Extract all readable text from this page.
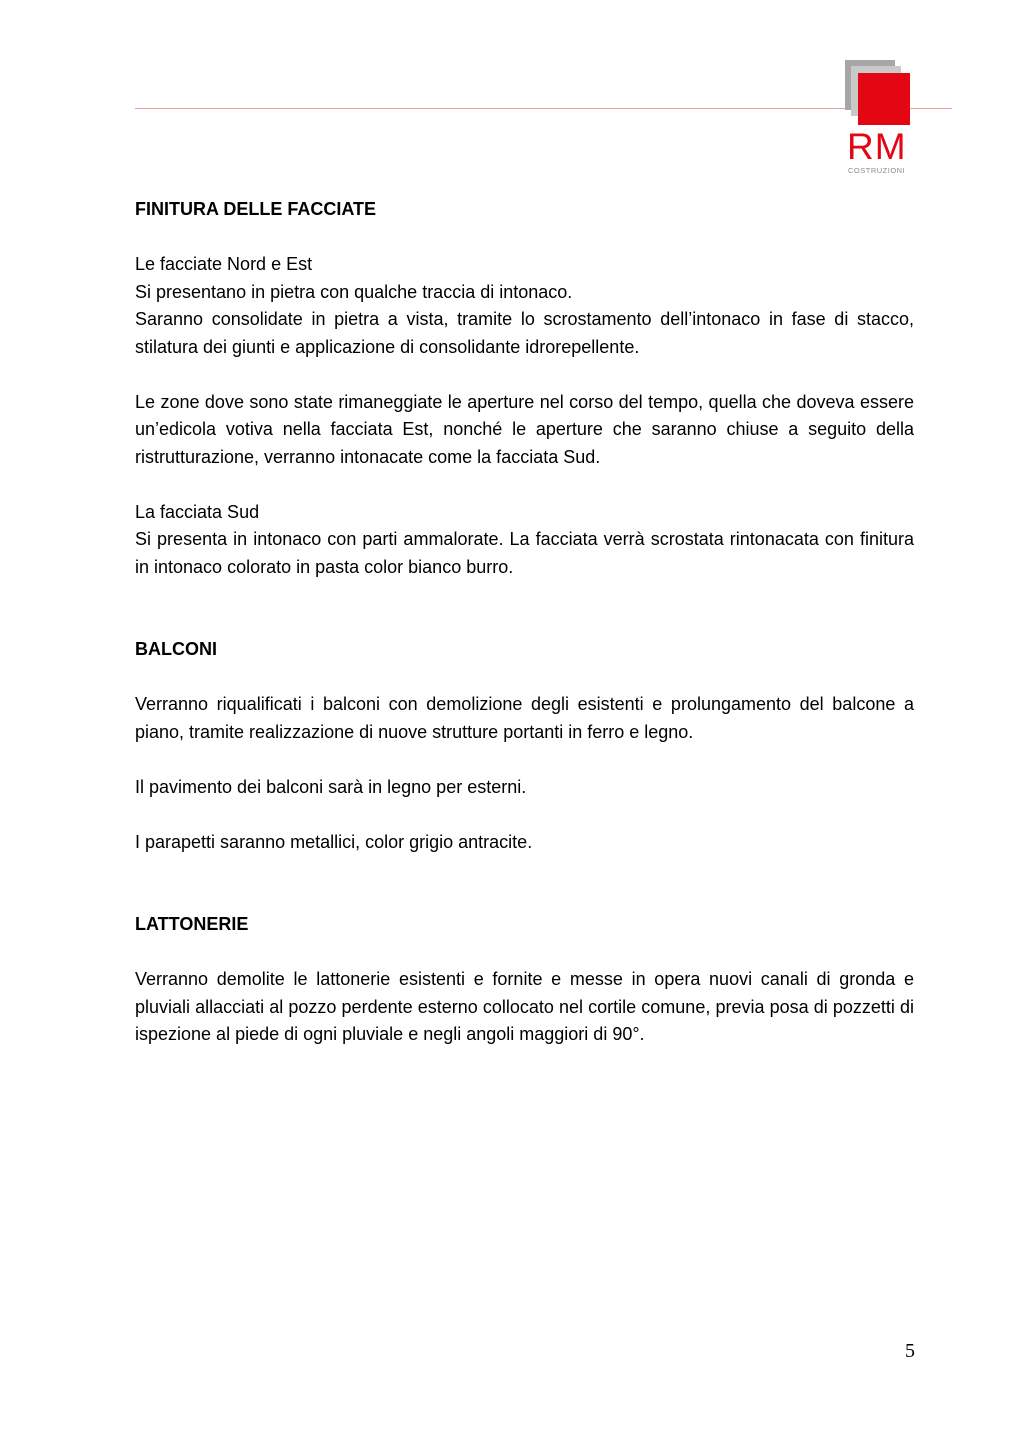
RM
COSTRUZIONI

FINITURA DELLE FACCIATE

Le facciate Nord e Est

Si presentano in pietra con qualche traccia di intonaco.

Saranno consolidate in pietra a vista, tramite lo scrostamento dell’intonaco in fase di stacco, stilatura dei giunti e applicazione di consolidante idrorepellente.

Le zone dove sono state rimaneggiate le aperture nel corso del tempo, quella che doveva essere un’edicola votiva nella facciata Est, nonché le aperture che saranno chiuse a seguito della ristrutturazione, verranno intonacate come la facciata Sud.

La facciata Sud

Si presenta in intonaco con parti ammalorate. La facciata verrà scrostata rintonacata con finitura in intonaco colorato in pasta color bianco burro.

BALCONI

Verranno riqualificati i balconi con demolizione degli esistenti e prolungamento del balcone a piano, tramite realizzazione di nuove strutture portanti in ferro e legno.

Il pavimento dei balconi sarà in legno per esterni.

I parapetti saranno metallici, color grigio antracite.

LATTONERIE

Verranno demolite le lattonerie esistenti e fornite e messe in opera nuovi canali di gronda e pluviali allacciati al pozzo perdente esterno collocato nel cortile comune, previa posa di pozzetti di ispezione al piede di ogni pluviale e negli angoli maggiori di 90°.

5
